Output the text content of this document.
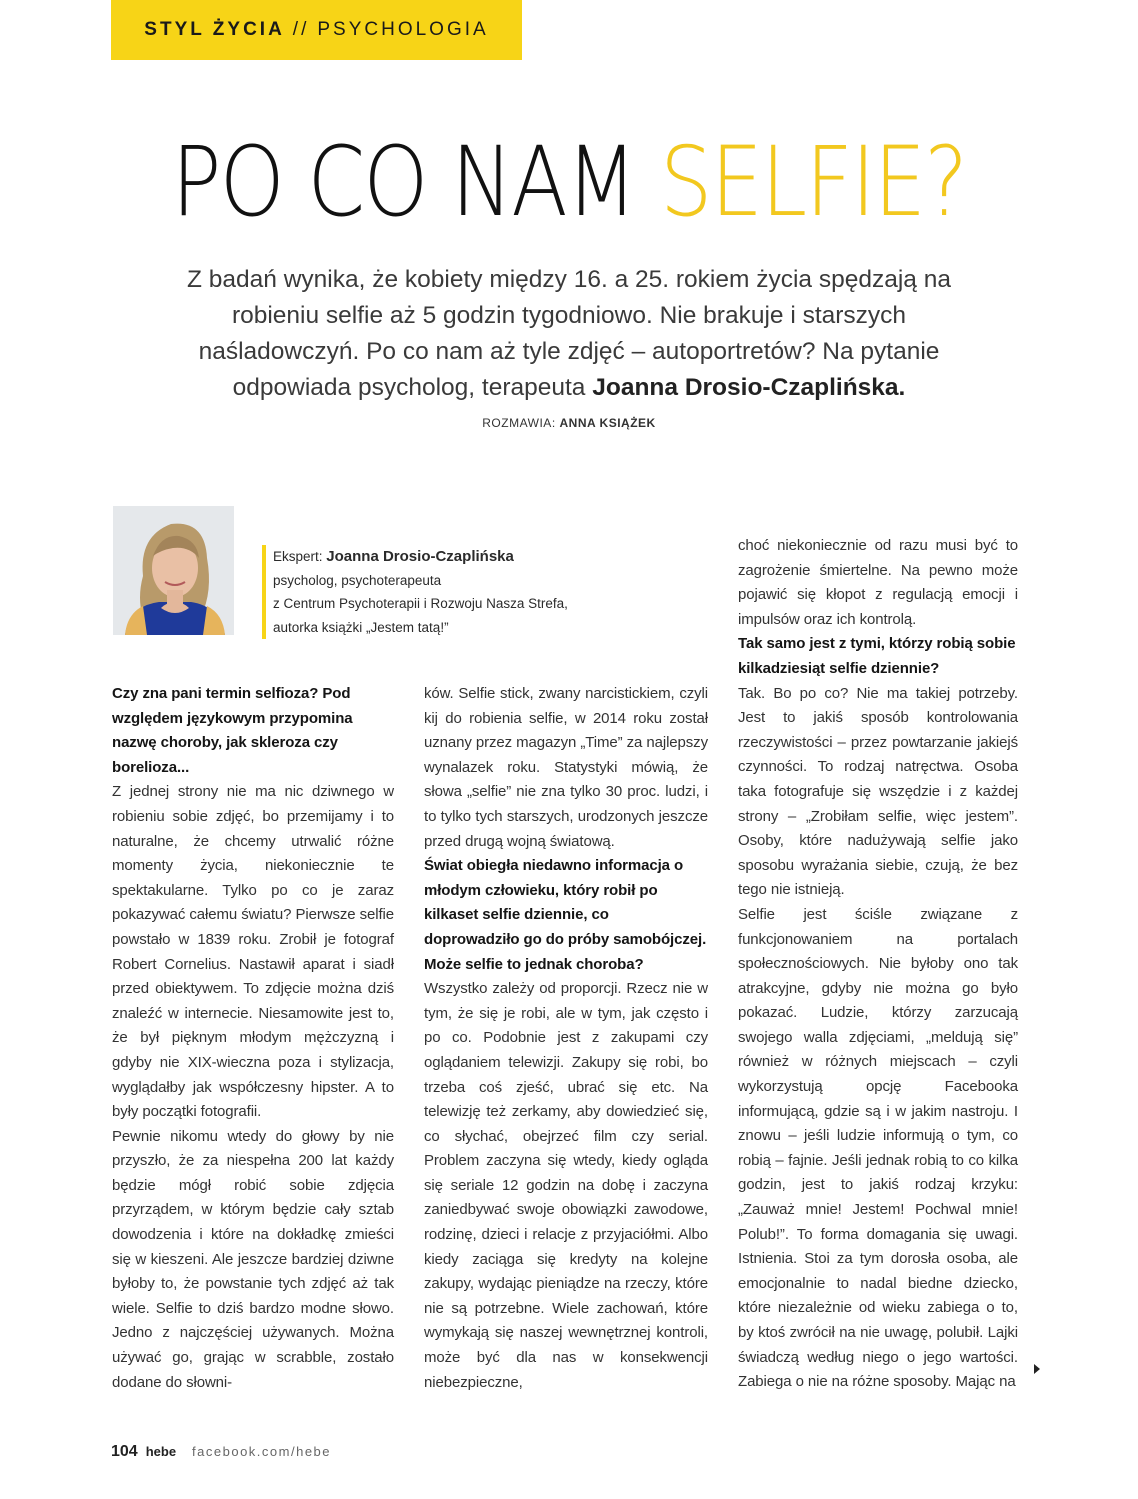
STYL ŻYCIA // PSYCHOLOGIA
PO CO NAM SELFIE?
Z badań wynika, że kobiety między 16. a 25. rokiem życia spędzają na robieniu selfie aż 5 godzin tygodniowo. Nie brakuje i starszych naśladowczyń. Po co nam aż tyle zdjęć – autoportretów? Na pytanie odpowiada psycholog, terapeuta Joanna Drosio-Czaplińska.
ROZMAWIA: ANNA KSIĄŻEK
Ekspert: Joanna Drosio-Czaplińska
psycholog, psychoterapeuta
z Centrum Psychoterapii i Rozwoju Nasza Strefa,
autorka książki „Jestem tatą!”

Czy zna pani termin selfioza? Pod względem językowym przypomina nazwę choroby, jak skleroza czy borelioza...

Z jednej strony nie ma nic dziwnego w robieniu sobie zdjęć, bo przemijamy i to naturalne, że chcemy utrwalić różne momenty życia, niekoniecznie te spektakularne. Tylko po co je zaraz pokazywać całemu światu? Pierwsze selfie powstało w 1839 roku. Zrobił je fotograf Robert Cornelius. Nastawił aparat i siadł przed obiektywem. To zdjęcie można dziś znaleźć w internecie. Niesamowite jest to, że był pięknym młodym mężczyzną i gdyby nie XIX-wieczna poza i stylizacja, wyglądałby jak współczesny hipster. A to były początki fotografii.

Pewnie nikomu wtedy do głowy by nie przyszło, że za niespełna 200 lat każdy będzie mógł robić sobie zdjęcia przyrządem, w którym będzie cały sztab dowodzenia i które na dokładkę zmieści się w kieszeni. Ale jeszcze bardziej dziwne byłoby to, że powstanie tych zdjęć aż tak wiele. Selfie to dziś bardzo modne słowo. Jedno z najczęściej używanych. Można używać go, grając w scrabble, zostało dodane do słowni-

ków. Selfie stick, zwany narcistickiem, czyli kij do robienia selfie, w 2014 roku został uznany przez magazyn „Time” za najlepszy wynalazek roku. Statystyki mówią, że słowa „selfie” nie zna tylko 30 proc. ludzi, i to tylko tych starszych, urodzonych jeszcze przed drugą wojną światową.

Świat obiegła niedawno informacja o młodym człowieku, który robił po kilkaset selfie dziennie, co doprowadziło go do próby samobójczej. Może selfie to jednak choroba?

Wszystko zależy od proporcji. Rzecz nie w tym, że się je robi, ale w tym, jak często i po co. Podobnie jest z zakupami czy oglądaniem telewizji. Zakupy się robi, bo trzeba coś zjeść, ubrać się etc. Na telewizję też zerkamy, aby dowiedzieć się, co słychać, obejrzeć film czy serial. Problem zaczyna się wtedy, kiedy ogląda się seriale 12 godzin na dobę i zaczyna zaniedbywać swoje obowiązki zawodowe, rodzinę, dzieci i relacje z przyjaciółmi. Albo kiedy zaciąga się kredyty na kolejne zakupy, wydając pieniądze na rzeczy, które nie są potrzebne. Wiele zachowań, które wymykają się naszej wewnętrznej kontroli, może być dla nas w konsekwencji niebezpieczne,

choć niekoniecznie od razu musi być to zagrożenie śmiertelne. Na pewno może pojawić się kłopot z regulacją emocji i impulsów oraz ich kontrolą.

Tak samo jest z tymi, którzy robią sobie kilkadziesiąt selfie dziennie?

Tak. Bo po co? Nie ma takiej potrzeby. Jest to jakiś sposób kontrolowania rzeczywistości – przez powtarzanie jakiejś czynności. To rodzaj natręctwa. Osoba taka fotografuje się wszędzie i z każdej strony – „Zrobiłam selfie, więc jestem”. Osoby, które nadużywają selfie jako sposobu wyrażania siebie, czują, że bez tego nie istnieją.

Selfie jest ściśle związane z funkcjonowaniem na portalach społecznościowych. Nie byłoby ono tak atrakcyjne, gdyby nie można go było pokazać. Ludzie, którzy zarzucają swojego walla zdjęciami, „meldują się” również w różnych miejscach – czyli wykorzystują opcję Facebooka informującą, gdzie są i w jakim nastroju. I znowu – jeśli ludzie informują o tym, co robią – fajnie. Jeśli jednak robią to co kilka godzin, jest to jakiś rodzaj krzyku: „Zauważ mnie! Jestem! Pochwal mnie! Polub!”. To forma domagania się uwagi. Istnienia. Stoi za tym dorosła osoba, ale emocjonalnie to nadal biedne dziecko, które niezależnie od wieku zabiega o to, by ktoś zwrócił na nie uwagę, polubił. Lajki świadczą według niego o jego wartości. Zabiega o nie na różne sposoby. Mając na

104 hebe facebook.com/hebe
